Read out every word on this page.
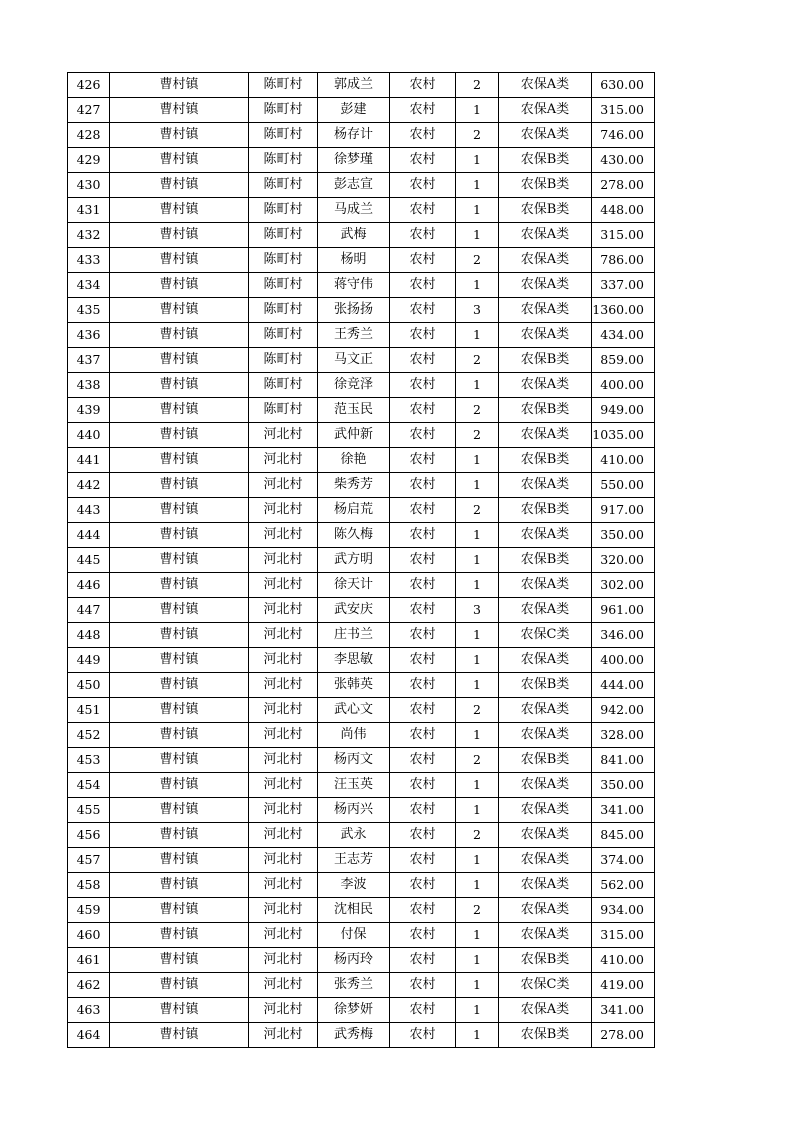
426	曹村镇	陈町村	郭成兰	农村	2	农保A类	630.00
427	曹村镇	陈町村	彭建	农村	1	农保A类	315.00
428	曹村镇	陈町村	杨存计	农村	2	农保A类	746.00
429	曹村镇	陈町村	徐梦瑾	农村	1	农保B类	430.00
430	曹村镇	陈町村	彭志宣	农村	1	农保B类	278.00
431	曹村镇	陈町村	马成兰	农村	1	农保B类	448.00
432	曹村镇	陈町村	武梅	农村	1	农保A类	315.00
433	曹村镇	陈町村	杨明	农村	2	农保A类	786.00
434	曹村镇	陈町村	蒋守伟	农村	1	农保A类	337.00
435	曹村镇	陈町村	张扬扬	农村	3	农保A类	1360.00
436	曹村镇	陈町村	王秀兰	农村	1	农保A类	434.00
437	曹村镇	陈町村	马文正	农村	2	农保B类	859.00
438	曹村镇	陈町村	徐竞泽	农村	1	农保A类	400.00
439	曹村镇	陈町村	范玉民	农村	2	农保B类	949.00
440	曹村镇	河北村	武仲新	农村	2	农保A类	1035.00
441	曹村镇	河北村	徐艳	农村	1	农保B类	410.00
442	曹村镇	河北村	柴秀芳	农村	1	农保A类	550.00
443	曹村镇	河北村	杨启荒	农村	2	农保B类	917.00
444	曹村镇	河北村	陈久梅	农村	1	农保A类	350.00
445	曹村镇	河北村	武方明	农村	1	农保B类	320.00
446	曹村镇	河北村	徐天计	农村	1	农保A类	302.00
447	曹村镇	河北村	武安庆	农村	3	农保A类	961.00
448	曹村镇	河北村	庄书兰	农村	1	农保C类	346.00
449	曹村镇	河北村	李思敏	农村	1	农保A类	400.00
450	曹村镇	河北村	张韩英	农村	1	农保B类	444.00
451	曹村镇	河北村	武心文	农村	2	农保A类	942.00
452	曹村镇	河北村	尚伟	农村	1	农保A类	328.00
453	曹村镇	河北村	杨丙文	农村	2	农保B类	841.00
454	曹村镇	河北村	汪玉英	农村	1	农保A类	350.00
455	曹村镇	河北村	杨丙兴	农村	1	农保A类	341.00
456	曹村镇	河北村	武永	农村	2	农保A类	845.00
457	曹村镇	河北村	王志芳	农村	1	农保A类	374.00
458	曹村镇	河北村	李波	农村	1	农保A类	562.00
459	曹村镇	河北村	沈相民	农村	2	农保A类	934.00
460	曹村镇	河北村	付保	农村	1	农保A类	315.00
461	曹村镇	河北村	杨丙玲	农村	1	农保B类	410.00
462	曹村镇	河北村	张秀兰	农村	1	农保C类	419.00
463	曹村镇	河北村	徐梦妍	农村	1	农保A类	341.00
464	曹村镇	河北村	武秀梅	农村	1	农保B类	278.00
